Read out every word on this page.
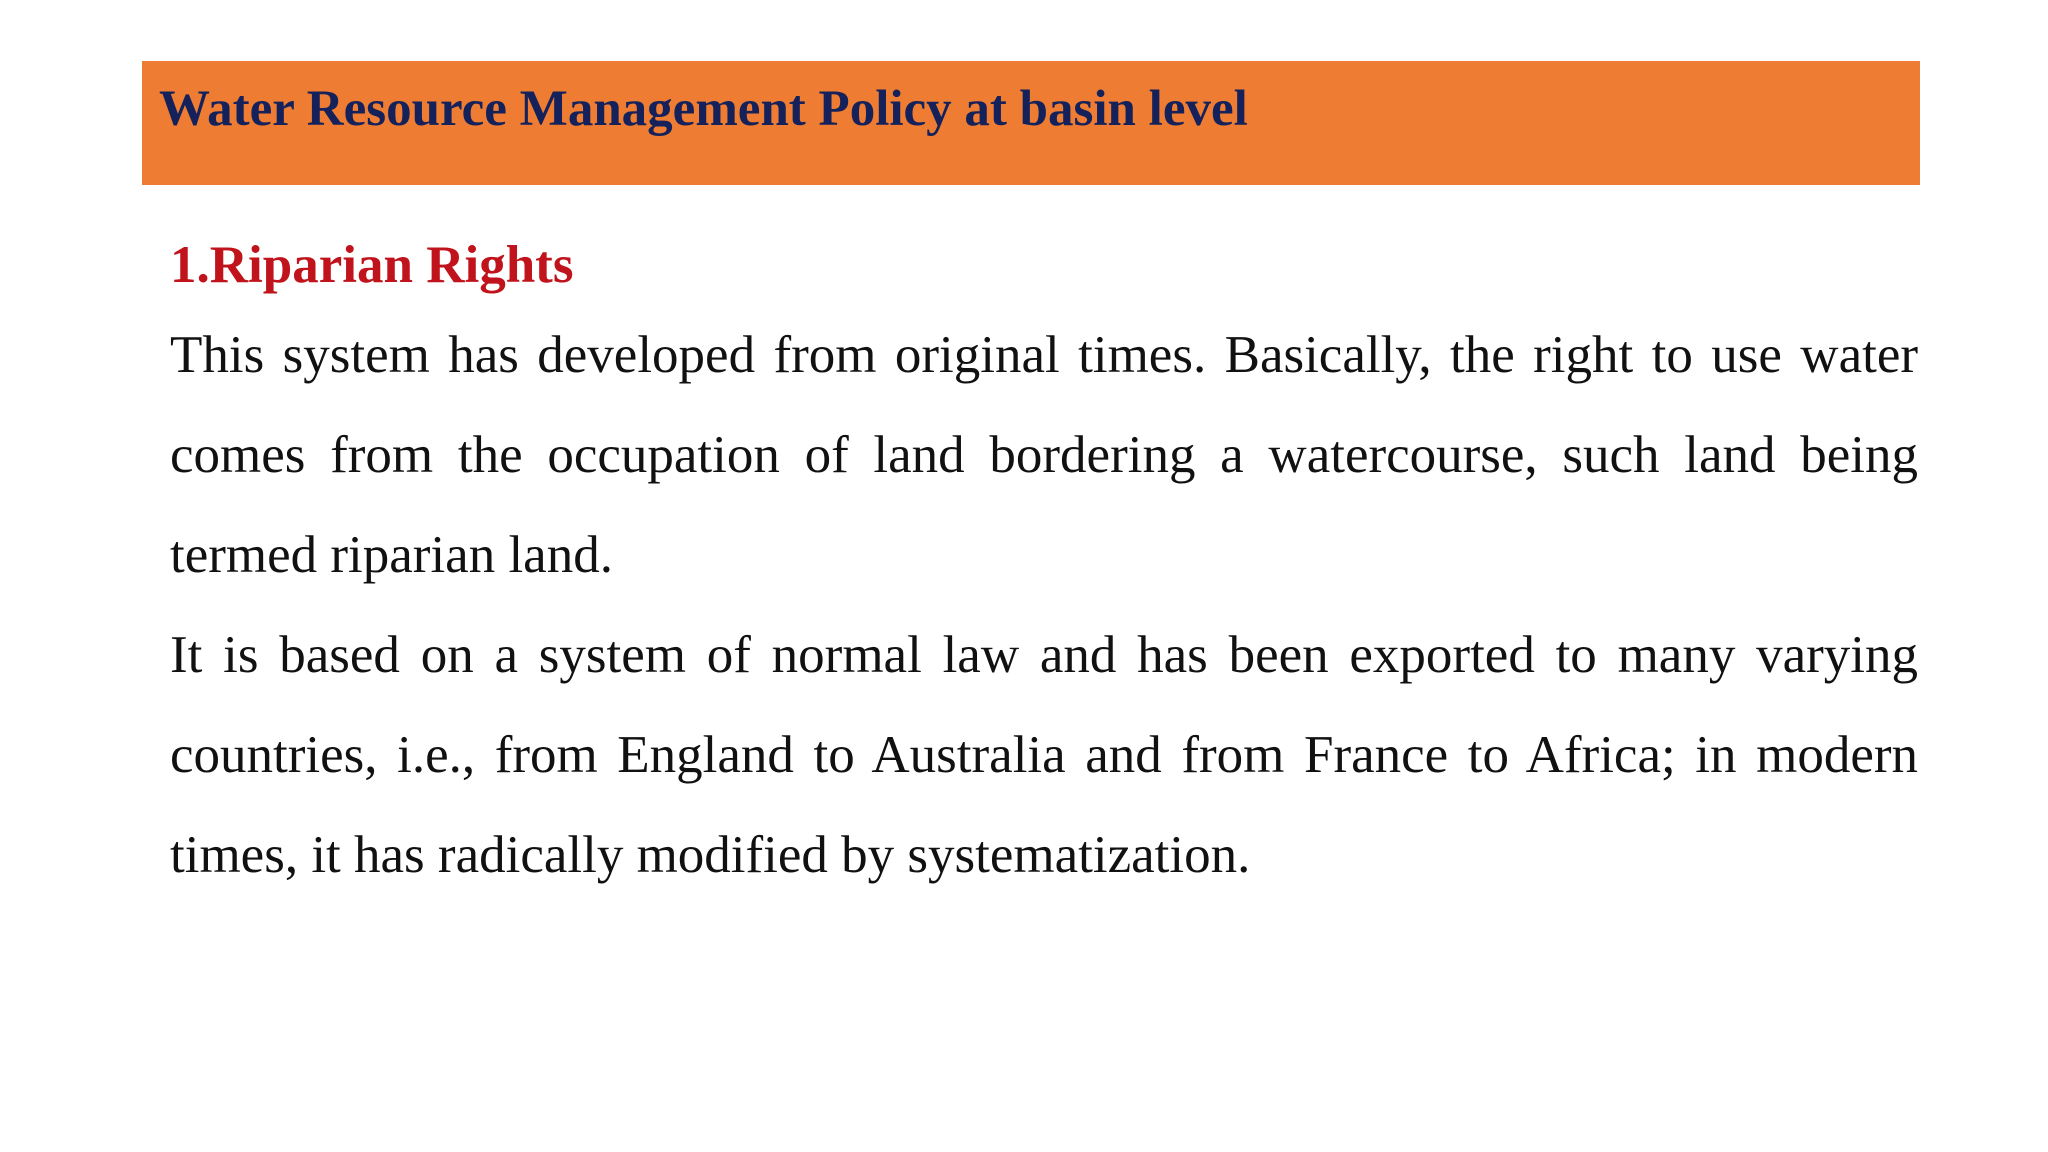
Water Resource Management Policy at basin level
1.Riparian Rights

This system has developed from original times. Basically, the right to use water comes from the occupation of land bordering a watercourse, such land being termed riparian land.

It is based on a system of normal law and has been exported to many varying countries, i.e., from England to Australia and from France to Africa; in modern times, it has radically modified by systematization.
